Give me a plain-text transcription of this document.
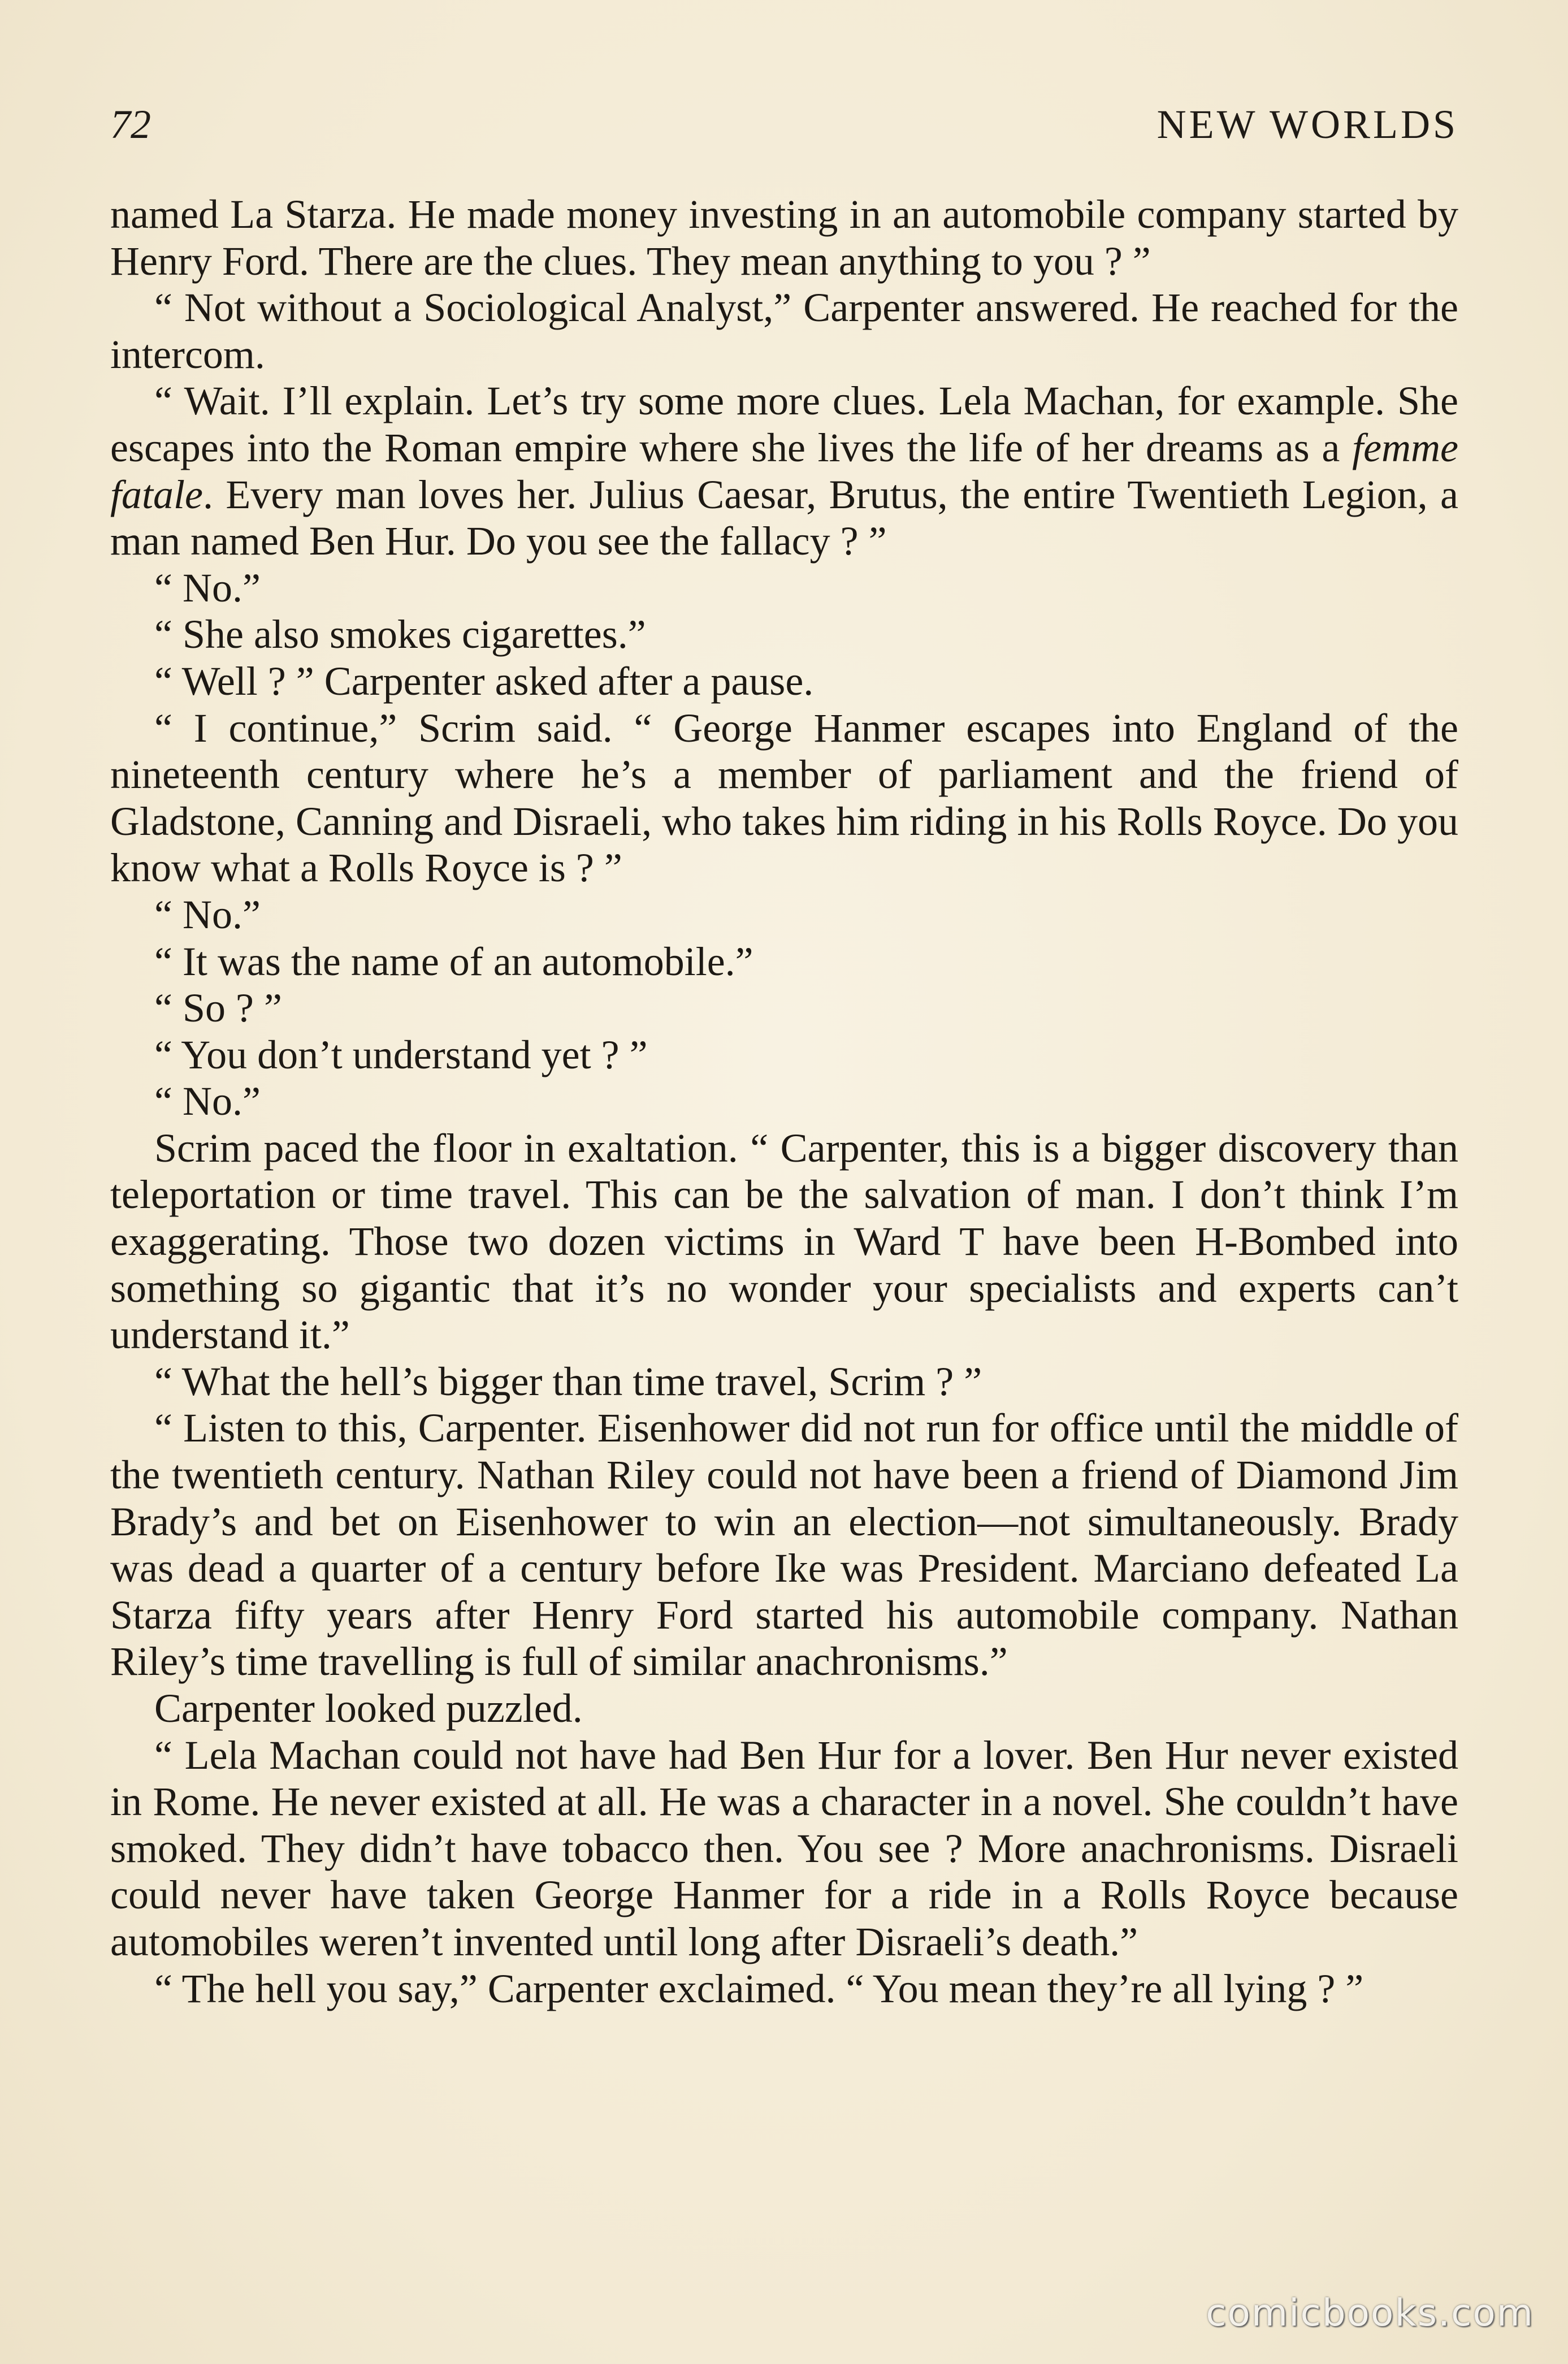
72	NEW WORLDS

named La Starza. He made money investing in an automobile company started by Henry Ford. There are the clues. They mean anything to you ? ”

“ Not without a Sociological Analyst,” Carpenter answered. He reached for the intercom.

“ Wait. I’ll explain. Let’s try some more clues. Lela Machan, for example. She escapes into the Roman empire where she lives the life of her dreams as a femme fatale. Every man loves her. Julius Caesar, Brutus, the entire Twentieth Legion, a man named Ben Hur. Do you see the fallacy ? ”

“ No.”

“ She also smokes cigarettes.”

“ Well ? ” Carpenter asked after a pause.

“ I continue,” Scrim said. “ George Hanmer escapes into England of the nineteenth century where he’s a member of parliament and the friend of Gladstone, Canning and Disraeli, who takes him riding in his Rolls Royce. Do you know what a Rolls Royce is ? ”

“ No.”

“ It was the name of an automobile.”

“ So ? ”

“ You don’t understand yet ? ”

“ No.”

Scrim paced the floor in exaltation. “ Carpenter, this is a bigger discovery than teleportation or time travel. This can be the salvation of man. I don’t think I’m exaggerating. Those two dozen victims in Ward T have been H-Bombed into something so gigantic that it’s no wonder your specialists and experts can’t understand it.”

“ What the hell’s bigger than time travel, Scrim ? ”

“ Listen to this, Carpenter. Eisenhower did not run for office until the middle of the twentieth century. Nathan Riley could not have been a friend of Diamond Jim Brady’s and bet on Eisenhower to win an election—not simultaneously. Brady was dead a quarter of a century before Ike was President. Marciano defeated La Starza fifty years after Henry Ford started his automobile company. Nathan Riley’s time travelling is full of similar anachronisms.”

Carpenter looked puzzled.

“ Lela Machan could not have had Ben Hur for a lover. Ben Hur never existed in Rome. He never existed at all. He was a character in a novel. She couldn’t have smoked. They didn’t have tobacco then. You see ? More anachronisms. Disraeli could never have taken George Hanmer for a ride in a Rolls Royce because automobiles weren’t invented until long after Disraeli’s death.”

“ The hell you say,” Carpenter exclaimed. “ You mean they’re all lying ? ”

comicbooks.com
